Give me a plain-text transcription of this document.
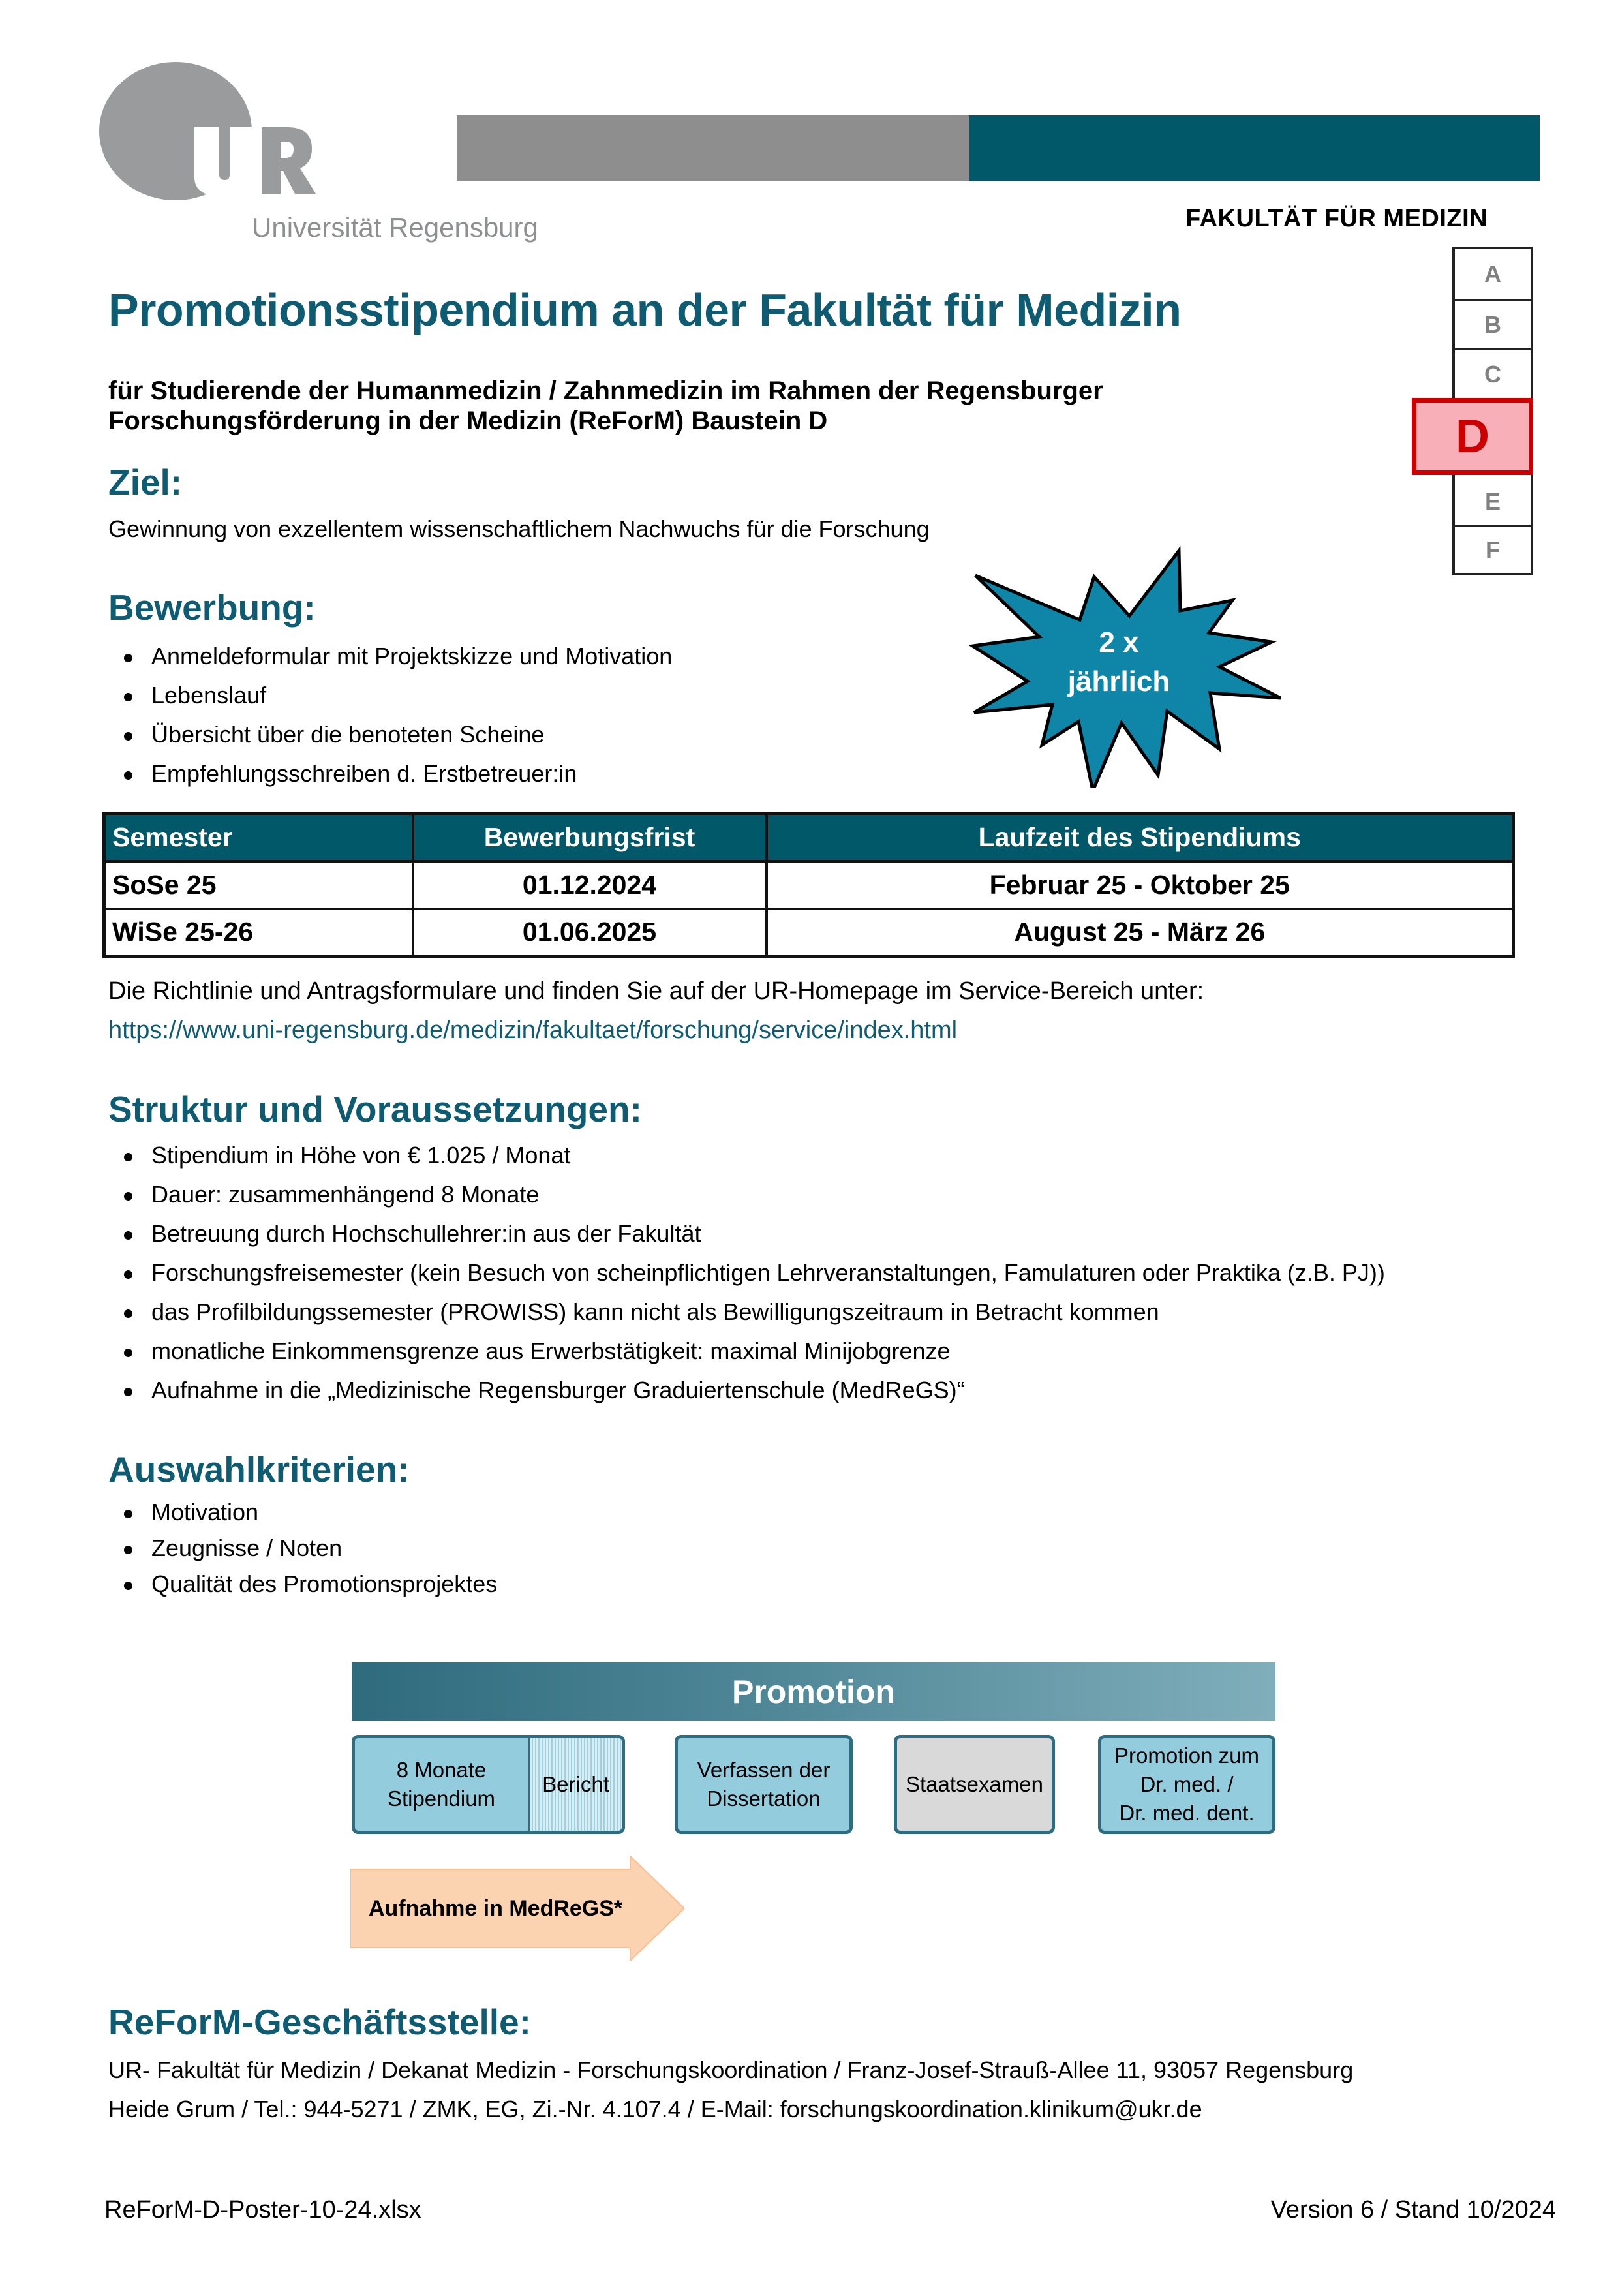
Universität Regensburg	FAKULTÄT FÜR MEDIZIN
A
B
C
E
F
D
Promotionsstipendium an der Fakultät für Medizin
für Studierende der Humanmedizin / Zahnmedizin im Rahmen der Regensburger
Forschungsförderung in der Medizin (ReForM) Baustein D
Ziel:
Gewinnung von exzellentem wissenschaftlichem Nachwuchs für die Forschung
Bewerbung:
Anmeldeformular mit Projektskizze und Motivation
Lebenslauf
Übersicht über die benoteten Scheine
Empfehlungsschreiben d. Erstbetreuer:in
2 x
jährlich
Semester	Bewerbungsfrist	Laufzeit des Stipendiums
SoSe 25	01.12.2024	Februar 25 - Oktober 25
WiSe 25-26	01.06.2025	August 25 - März 26
Die Richtlinie und Antragsformulare und finden Sie auf der UR-Homepage im Service-Bereich unter:
https://www.uni-regensburg.de/medizin/fakultaet/forschung/service/index.html
Struktur und Voraussetzungen:
Stipendium in Höhe von € 1.025 / Monat
Dauer: zusammenhängend 8 Monate
Betreuung durch Hochschullehrer:in aus der Fakultät
Forschungsfreisemester (kein Besuch von scheinpflichtigen Lehrveranstaltungen, Famulaturen oder Praktika (z.B. PJ))
das Profilbildungssemester (PROWISS) kann nicht als Bewilligungszeitraum in Betracht kommen
monatliche Einkommensgrenze aus Erwerbstätigkeit: maximal Minijobgrenze
Aufnahme in die „Medizinische Regensburger Graduiertenschule (MedReGS)“
Auswahlkriterien:
Motivation
Zeugnisse / Noten
Qualität des Promotionsprojektes
Promotion
8 Monate
Stipendium
Bericht
Verfassen der
Dissertation
Staatsexamen
Promotion zum
Dr. med. /
Dr. med. dent.
Aufnahme in MedReGS*
ReForM-Geschäftsstelle:
UR- Fakultät für Medizin / Dekanat Medizin - Forschungskoordination / Franz-Josef-Strauß-Allee 11, 93057 Regensburg
Heide Grum / Tel.: 944-5271 / ZMK, EG, Zi.-Nr. 4.107.4 / E-Mail: forschungskoordination.klinikum@ukr.de
ReForM-D-Poster-10-24.xlsx	Version 6 / Stand 10/2024
